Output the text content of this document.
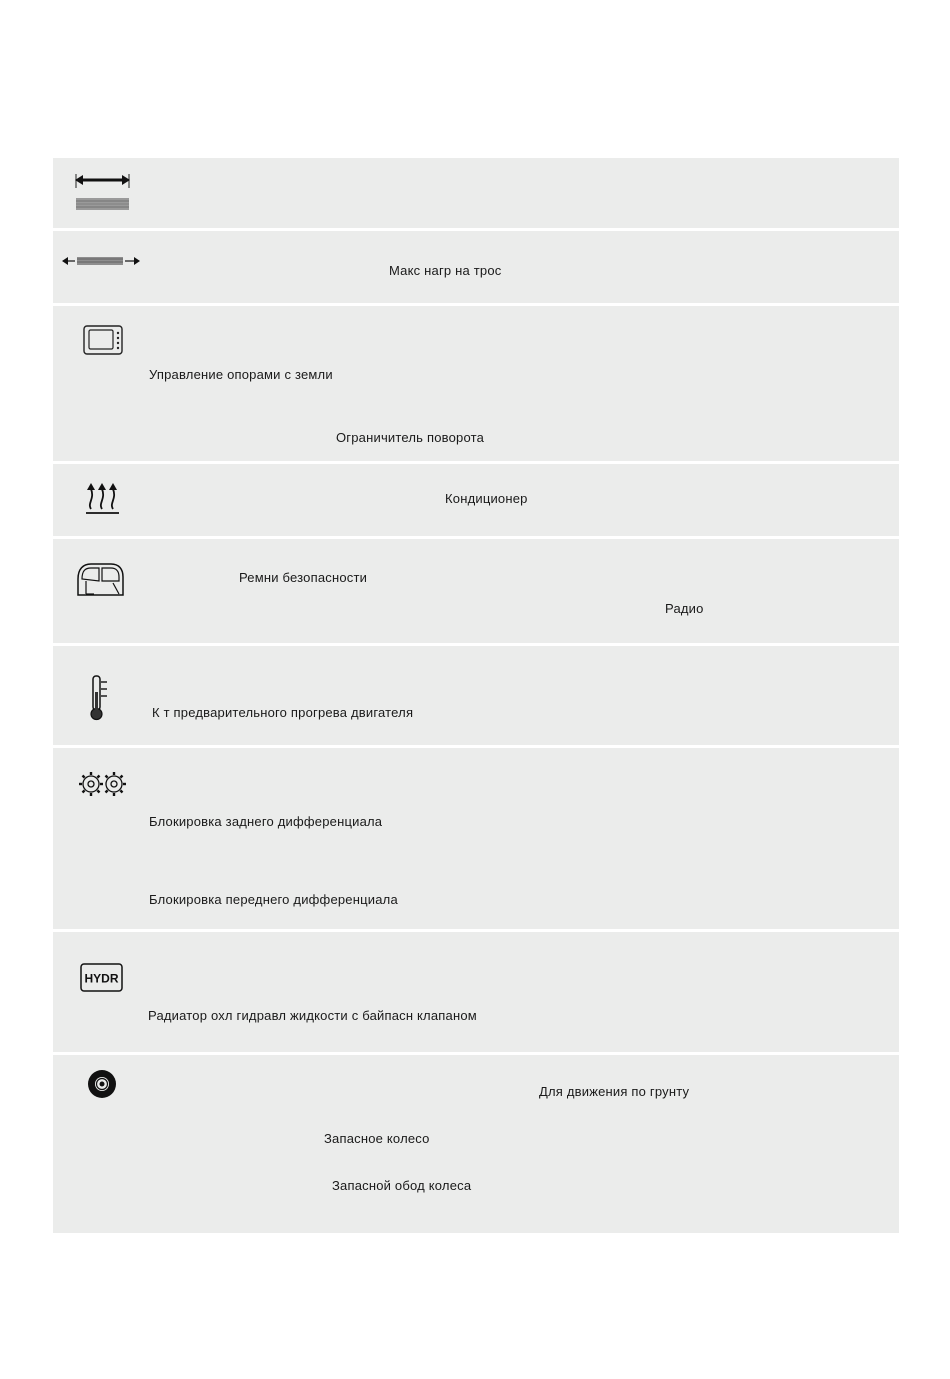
Макс нагр на трос
Управление опорами с земли
Ограничитель поворота
Кондиционер
Ремни безопасности
Радио
К т предварительного прогрева двигателя
Блокировка заднего дифференциала
Блокировка переднего дифференциала
HYDR
Радиатор охл гидравл жидкости с байпасн клапаном
Для движения по грунту
Запасное колесо
Запасной обод колеса
